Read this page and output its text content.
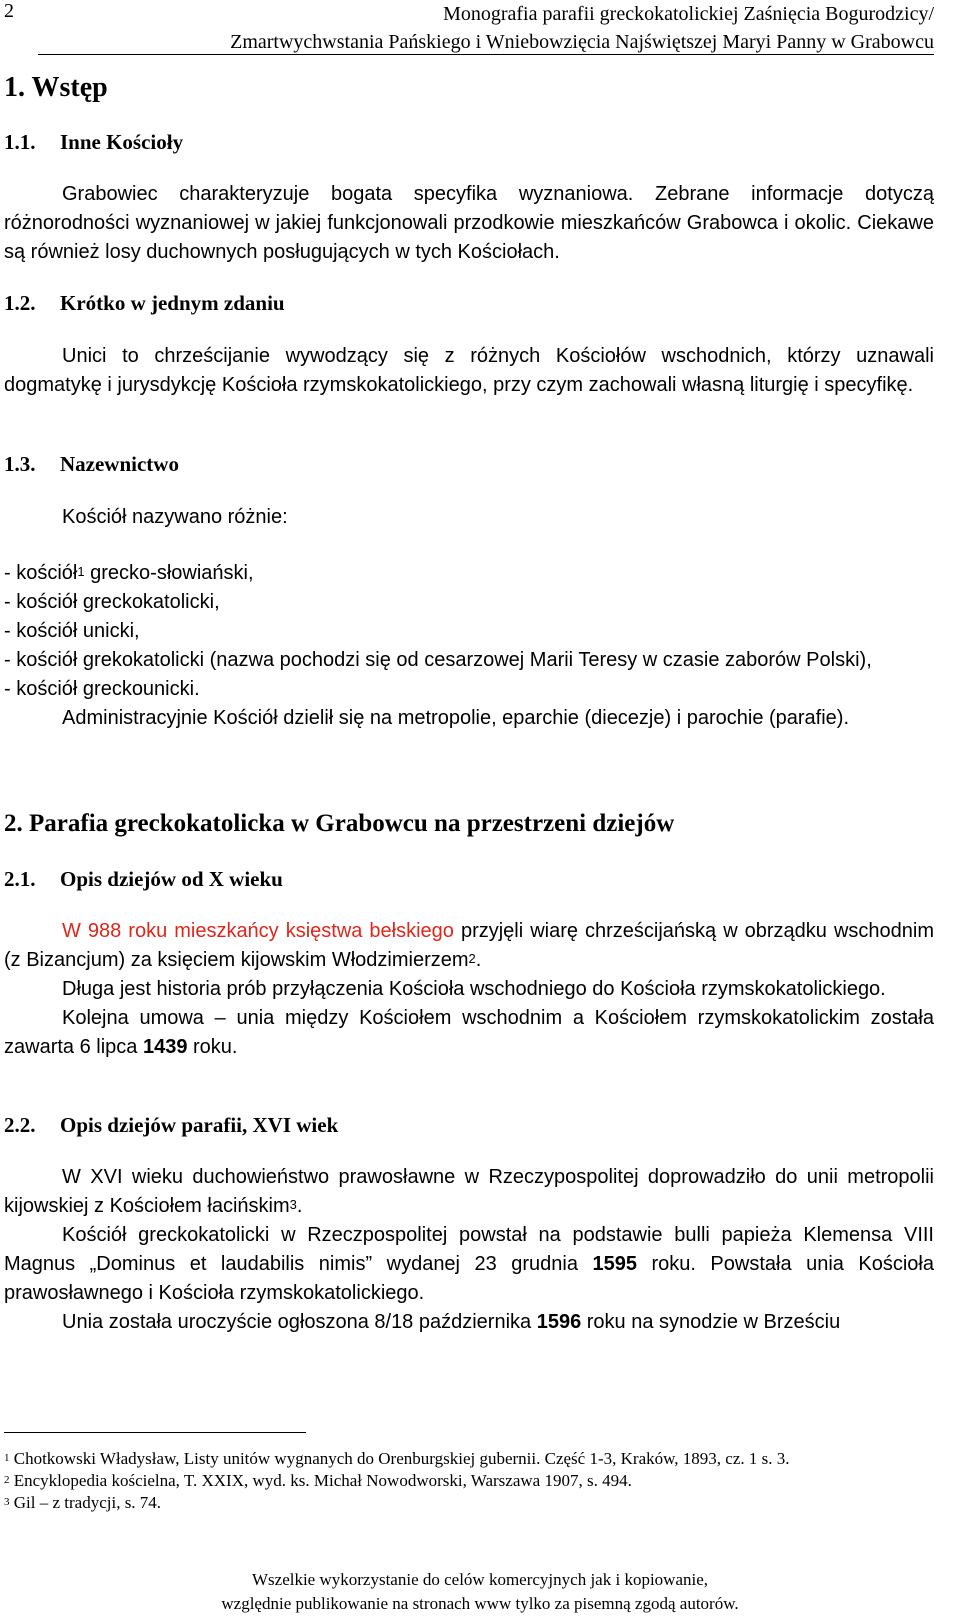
2	Monografia parafii greckokatolickiej Zaśnięcia Bogurodzicy/
Zmartwychwstania Pańskiego i Wniebowzięcia Najświętszej Maryi Panny w Grabowcu
1. Wstęp
1.1. Inne Kościoły
Grabowiec charakteryzuje bogata specyfika wyznaniowa. Zebrane informacje dotyczą różnorodności wyznaniowej w jakiej funkcjonowali przodkowie mieszkańców Grabowca i okolic. Ciekawe są również losy duchownych posługujących w tych Kościołach.
1.2. Krótko w jednym zdaniu
Unici to chrześcijanie wywodzący się z różnych Kościołów wschodnich, którzy uznawali dogmatykę i jurysdykcję Kościoła rzymskokatolickiego, przy czym zachowali własną liturgię i specyfikę.
1.3. Nazewnictwo
Kościół nazywano różnie:
- kościół$^1$ grecko-słowiański,
- kościół greckokatolicki,
- kościół unicki,
- kościół grekokatolicki (nazwa pochodzi się od cesarzowej Marii Teresy w czasie zaborów Polski),
- kościół greckounicki.
Administracyjnie Kościół dzielił się na metropolie, eparchie (diecezje) i parochie (parafie).
2. Parafia greckokatolicka w Grabowcu na przestrzeni dziejów
2.1. Opis dziejów od X wieku
W 988 roku mieszkańcy księstwa bełskiego przyjęli wiarę chrześcijańską w obrządku wschodnim (z Bizancjum) za księciem kijowskim Włodzimierzem$^2$.
Długa jest historia prób przyłączenia Kościoła wschodniego do Kościoła rzymskokatolickiego.
Kolejna umowa – unia między Kościołem wschodnim a Kościołem rzymskokatolickim została zawarta 6 lipca 1439 roku.
2.2. Opis dziejów parafii, XVI wiek
W XVI wieku duchowieństwo prawosławne w Rzeczypospolitej doprowadziło do unii metropolii kijowskiej z Kościołem łacińskim$^3$.
Kościół greckokatolicki w Rzeczpospolitej powstał na podstawie bulli papieża Klemensa VIII Magnus „Dominus et laudabilis nimis” wydanej 23 grudnia 1595 roku. Powstała unia Kościoła prawosławnego i Kościoła rzymskokatolickiego.
Unia została uroczyście ogłoszona 8/18 października 1596 roku na synodzie w Brześciu
$^1$ Chotkowski Władysław, Listy unitów wygnanych do Orenburgskiej gubernii. Część 1-3, Kraków, 1893, cz. 1 s. 3.
$^2$ Encyklopedia kościelna, T. XXIX, wyd. ks. Michał Nowodworski, Warszawa 1907, s. 494.
$^3$ Gil – z tradycji, s. 74.
Wszelkie wykorzystanie do celów komercyjnych jak i kopiowanie,
względnie publikowanie na stronach www tylko za pisemną zgodą autorów.
